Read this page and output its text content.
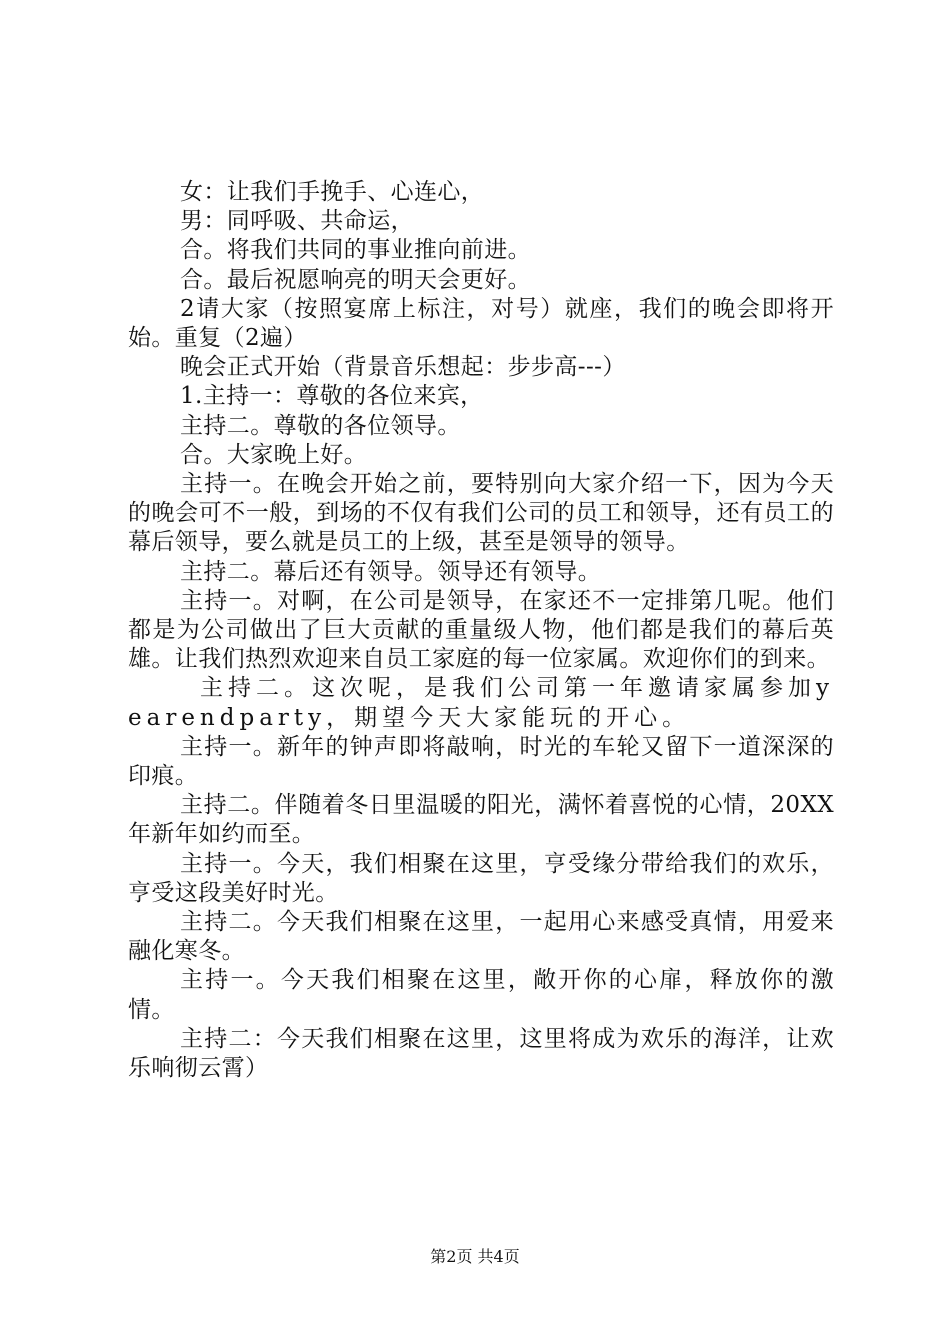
女：让我们手挽手、心连心，

男：同呼吸、共命运，

合。将我们共同的事业推向前进。

合。最后祝愿响亮的明天会更好。

2请大家（按照宴席上标注，对号）就座，我们的晚会即将开始。重复（2遍）

晚会正式开始（背景音乐想起：步步高---）

1.主持一：尊敬的各位来宾，

主持二。尊敬的各位领导。

合。大家晚上好。

主持一。在晚会开始之前，要特别向大家介绍一下，因为今天的晚会可不一般，到场的不仅有我们公司的员工和领导，还有员工的幕后领导，要么就是员工的上级，甚至是领导的领导。

主持二。幕后还有领导。领导还有领导。

主持一。对啊，在公司是领导，在家还不一定排第几呢。他们都是为公司做出了巨大贡献的重量级人物，他们都是我们的幕后英雄。让我们热烈欢迎来自员工家庭的每一位家属。欢迎你们的到来。

主持二。这次呢，是我们公司第一年邀请家属参加yearendparty，期望今天大家能玩的开心。

主持一。新年的钟声即将敲响，时光的车轮又留下一道深深的印痕。

主持二。伴随着冬日里温暖的阳光，满怀着喜悦的心情，20XX年新年如约而至。

主持一。今天，我们相聚在这里，亨受缘分带给我们的欢乐，亨受这段美好时光。

主持二。今天我们相聚在这里，一起用心来感受真情，用爱来融化寒冬。

主持一。今天我们相聚在这里，敞开你的心扉，释放你的激情。

主持二：今天我们相聚在这里，这里将成为欢乐的海洋，让欢乐响彻云霄）

第2页 共4页
